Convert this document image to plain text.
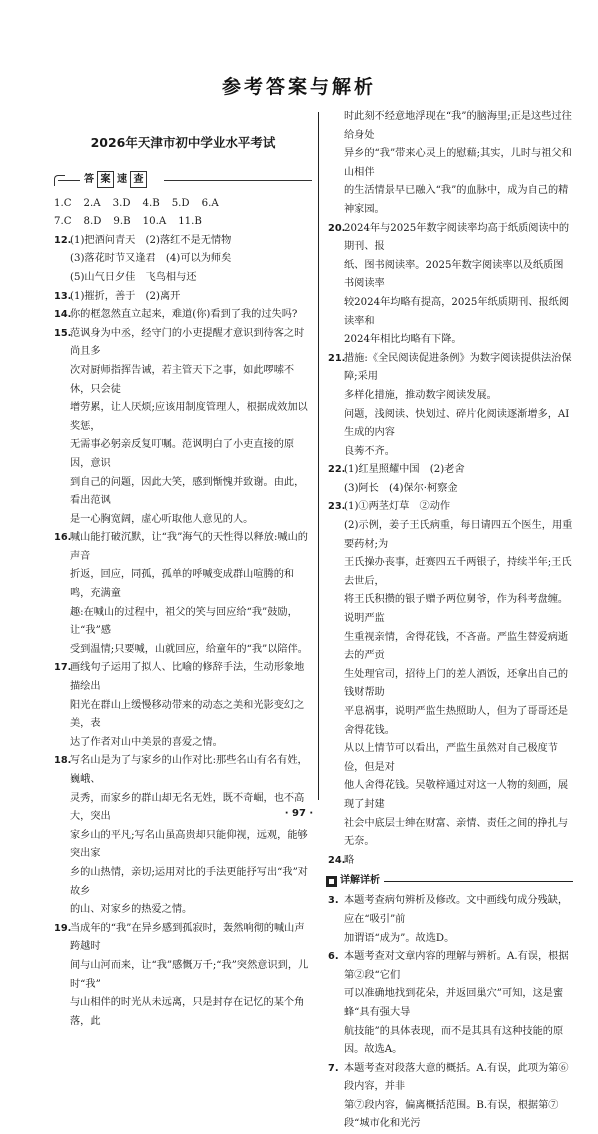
参考答案与解析
2026年天津市初中学业水平考试
答 案 速 查
1.C 2.A 3.D 4.B 5.D 6.A
7.C 8.D 9.B 10.A 11.B
12.
(1)把酒问青天　(2)落红不是无情物
(3)落花时节又逢君　(4)可以为师矣
(5)山气日夕佳　飞鸟相与还
13.
(1)摧折，善于　(2)离开
14.
你的框忽然直立起来，难道(你)看到了我的过失吗?
15.
范讽身为中丞，经守门的小吏提醒才意识到待客之时尚且多
次对厨师指挥告诫，若主管天下之事，如此啰嗦不休，只会徒
增劳累，让人厌烦;应该用制度管理人，根据成效加以奖惩，
无需事必躬亲反复叮嘱。范讽明白了小吏直接的原因，意识
到自己的问题，因此大笑，感到惭愧并致谢。由此，看出范讽
是一心胸宽阔，虚心听取他人意见的人。
16.
喊山能打破沉默，让“我”海气的天性得以释放:喊山的声音
折返，回应，同孤，孤单的呼喊变成群山喧腾的和鸣，充满童
趣:在喊山的过程中，祖父的笑与回应给“我”鼓励，让“我”感
受到温情;只要喊，山就回应，给童年的“我”以陪伴。
17.
画线句子运用了拟人、比喻的修辞手法，生动形象地描绘出
阳光在群山上缓慢移动带来的动态之美和光影变幻之美，表
达了作者对山中美景的喜爱之情。
18.
写名山是为了与家乡的山作对比:那些名山有名有姓，巍峨、
灵秀，而家乡的群山却无名无姓，既不奇崛，也不高大，突出
家乡山的平凡;写名山虽高贵却只能仰视，远观，能够突出家
乡的山热情，亲切;运用对比的手法更能抒写出“我”对故乡
的山、对家乡的热爱之情。
19.
当成年的“我”在异乡感到孤寂时，轰然响彻的喊山声跨越时
间与山河而来，让“我”感慨万千;“我”突然意识到，儿时“我”
与山相伴的时光从未远离，只是封存在记忆的某个角落，此
时此刻不经意地浮现在“我”的脑海里;正是这些过往给身处
异乡的“我”带来心灵上的慰藉;其实，儿时与祖父和山相伴
的生活情景早已融入“我”的血脉中，成为自己的精神家园。
20.
2024年与2025年数字阅读率均高于纸质阅读中的期刊、报
纸、图书阅读率。2025年数字阅读率以及纸质图书阅读率
较2024年均略有提高，2025年纸质期刊、报纸阅读率和
2024年相比均略有下降。
21.
措施:《全民阅读促进条例》为数字阅读提供法治保障;采用
多样化措施，推动数字阅读发展。
问题，浅阅读、快划过、碎片化阅读逐渐增多，AI生成的内容
良莠不齐。
22.
(1)红星照耀中国　(2)老舍
(3)阿长　(4)保尔·柯察金
23.
(1)①两茎灯草　②动作
(2)示例，姜子王氏病重，每日请四五个医生，用重要药材;为
王氏操办丧事，赶赛四五千两银子，持续半年;王氏去世后，
将王氏积攒的银子赠予两位舅爷，作为科考盘缠。说明严监
生重视亲情，舍得花钱，不吝啬。严监生替爱病逝去的严贡
生处理官司，招待上门的差人酒饭，还拿出自己的钱财帮助
平息祸事，说明严监生热照助人，但为了哥哥还是舍得花钱。
从以上情节可以看出，严监生虽然对自己极度节俭，但是对
他人舍得花钱。吴敬梓通过对这一人物的刻画，展现了封建
社会中底层士绅在财富、亲情、责任之间的挣扎与无奈。
24.
略
详解详析
3. 本题考查病句辨析及修改。文中画线句成分残缺，应在“吸引”前
加谓语“成为”。故选D。
6. 本题考查对文章内容的理解与辨析。A.有误，根据第②段“它们
可以准确地找到花朵，并返回巢穴”可知，这是蜜蜂“具有强大导
航技能”的具体表现，而不是其具有这种技能的原因。故选A。
7. 本题考查对段落大意的概括。A.有误，此项为第⑥段内容，并非
第⑦段内容，偏离概括范围。B.有误，根据第⑦段“城市化和光污
· 97 ·
